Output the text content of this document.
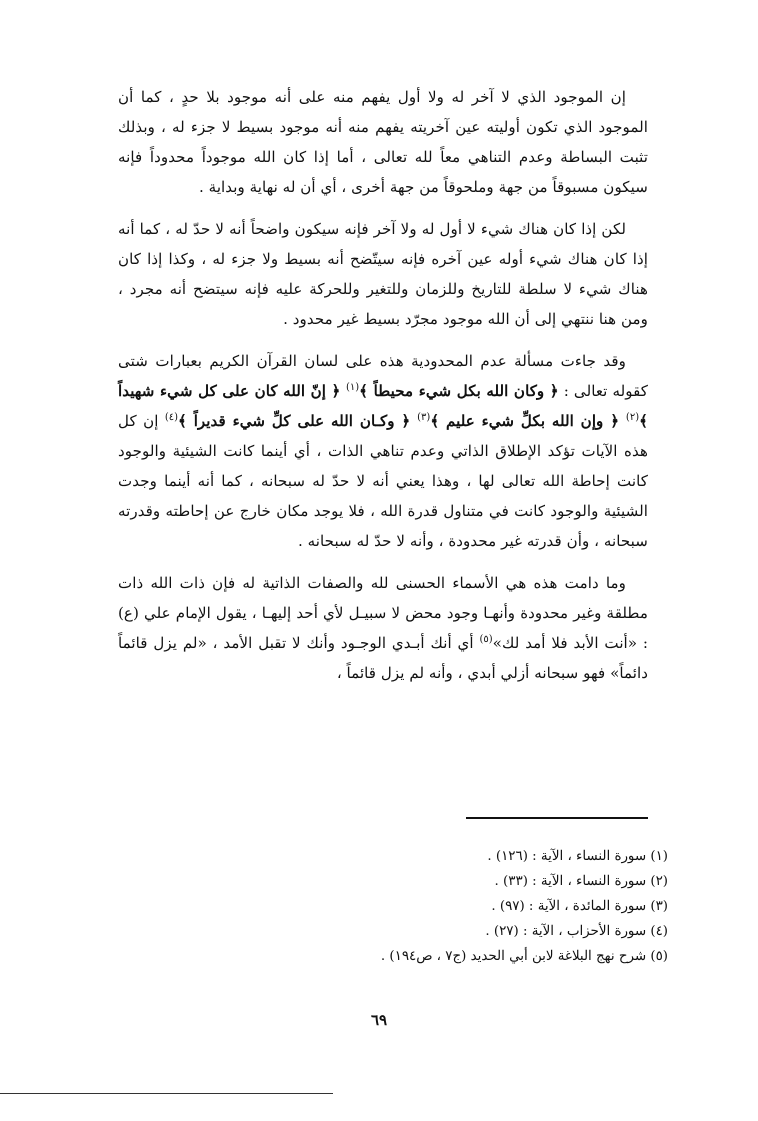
إن الموجود الذي لا آخر له ولا أول يفهم منه على أنه موجود بلا حدٍ ، كما أن الموجود الذي تكون أوليته عين آخريته يفهم منه أنه موجود بسيط لا جزء له ، وبذلك تثبت البساطة وعدم التناهي معاً لله تعالى ، أما إذا كان الله موجوداً محدوداً فإنه سيكون مسبوقاً من جهة وملحوقاً من جهة أخرى ، أي أن له نهاية وبداية .

لكن إذا كان هناك شيء لا أول له ولا آخر فإنه سيكون واضحاً أنه لا حدّ له ، كما أنه إذا كان هناك شيء أوله عين آخره فإنه سيتّضح أنه بسيط ولا جزء له ، وكذا إذا كان هناك شيء لا سلطة للتاريخ وللزمان وللتغير وللحركة عليه فإنه سيتضح أنه مجرد ، ومن هنا ننتهي إلى أن الله موجود مجرّد بسيط غير محدود .

وقد جاءت مسألة عدم المحدودية هذه على لسان القرآن الكريم بعبارات شتى كقوله تعالى : ﴿ وكان الله بكل شيء محيطاً ﴾$^{(١)}$ ﴿ إنّ الله كان على كل شيء شهيداً ﴾$^{(٢)}$ ﴿ وإن الله بكلِّ شيء عليم ﴾$^{(٣)}$ ﴿ وكـان الله على كلِّ شيء قديراً ﴾$^{(٤)}$ إن كل هذه الآيات تؤكد الإطلاق الذاتي وعدم تناهي الذات ، أي أينما كانت الشيئية والوجود كانت إحاطة الله تعالى لها ، وهذا يعني أنه لا حدّ له سبحانه ، كما أنه أينما وجدت الشيئية والوجود كانت في متناول قدرة الله ، فلا يوجد مكان خارج عن إحاطته وقدرته سبحانه ، وأن قدرته غير محدودة ، وأنه لا حدّ له سبحانه .

وما دامت هذه هي الأسماء الحسنى لله والصفات الذاتية له فإن ذات الله ذات مطلقة وغير محدودة وأنهـا وجود محض لا سبيـل لأي أحد إليهـا ، يقول الإمام علي (ع) : «أنت الأبد فلا أمد لك»$^{(٥)}$ أي أنك أبـدي الوجـود وأنك لا تقبل الأمد ، «لم يزل قائماً دائماً» فهو سبحانه أزلي أبدي ، وأنه لم يزل قائماً ،

(١) سورة النساء ، الآية : (١٢٦) .
(٢) سورة النساء ، الآية : (٣٣) .
(٣) سورة المائدة ، الآية : (٩٧) .
(٤) سورة الأحزاب ، الآية : (٢٧) .
(٥) شرح نهج البلاغة لابن أبي الحديد (ج٧ ، ص١٩٤) .
٦٩
